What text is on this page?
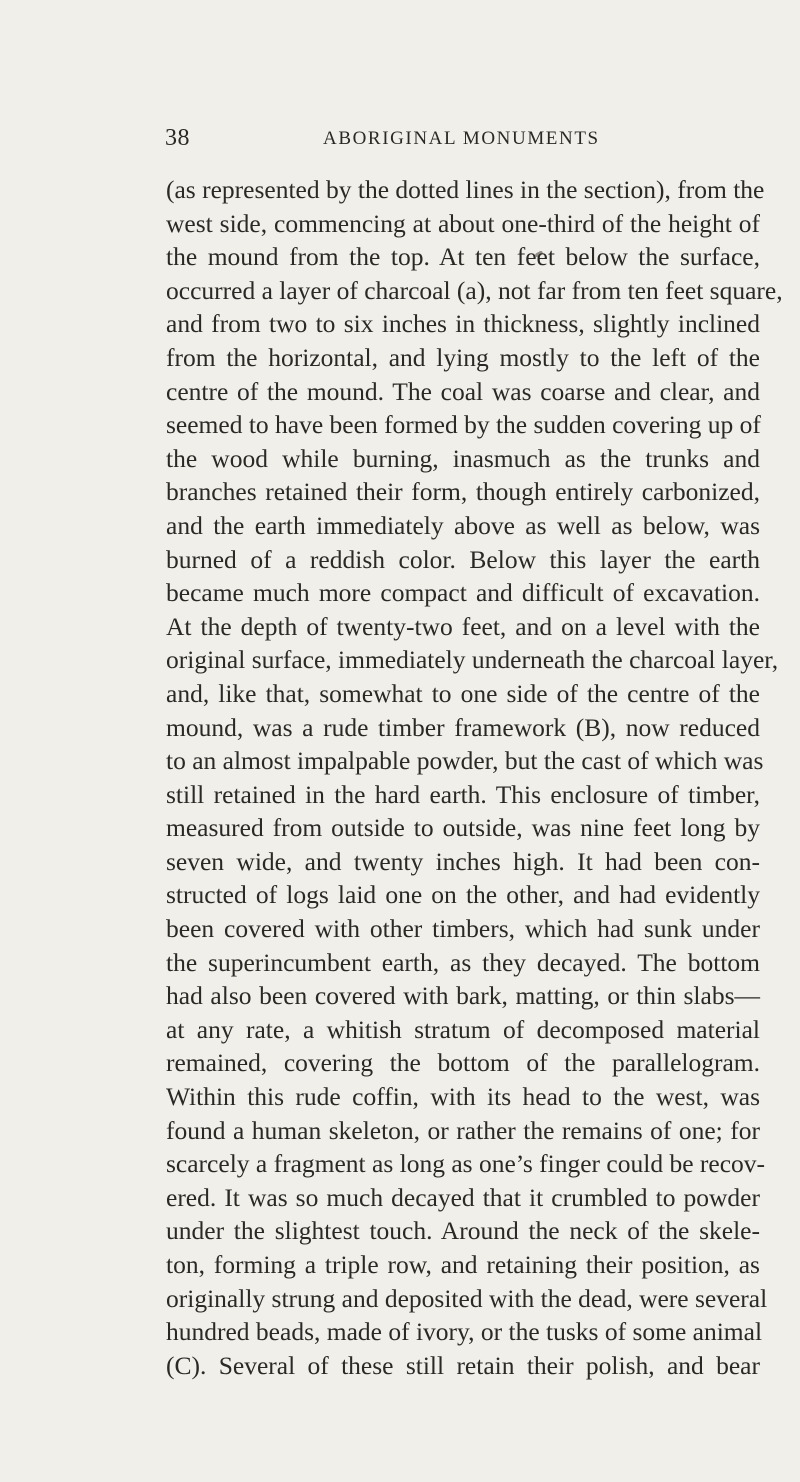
38	ABORIGINAL MONUMENTS
(as represented by the dotted lines in the section), from the
west side, commencing at about one-third of the height of
the mound from the top. At ten feet below the surface,
occurred a layer of charcoal (a), not far from ten feet square,
and from two to six inches in thickness, slightly inclined
from the horizontal, and lying mostly to the left of the
centre of the mound. The coal was coarse and clear, and
seemed to have been formed by the sudden covering up of
the wood while burning, inasmuch as the trunks and
branches retained their form, though entirely carbonized,
and the earth immediately above as well as below, was
burned of a reddish color. Below this layer the earth
became much more compact and difficult of excavation.
At the depth of twenty-two feet, and on a level with the
original surface, immediately underneath the charcoal layer,
and, like that, somewhat to one side of the centre of the
mound, was a rude timber framework (B), now reduced
to an almost impalpable powder, but the cast of which was
still retained in the hard earth. This enclosure of timber,
measured from outside to outside, was nine feet long by
seven wide, and twenty inches high. It had been con-
structed of logs laid one on the other, and had evidently
been covered with other timbers, which had sunk under
the superincumbent earth, as they decayed. The bottom
had also been covered with bark, matting, or thin slabs—
at any rate, a whitish stratum of decomposed material
remained, covering the bottom of the parallelogram.
Within this rude coffin, with its head to the west, was
found a human skeleton, or rather the remains of one; for
scarcely a fragment as long as one’s finger could be recov-
ered. It was so much decayed that it crumbled to powder
under the slightest touch. Around the neck of the skele-
ton, forming a triple row, and retaining their position, as
originally strung and deposited with the dead, were several
hundred beads, made of ivory, or the tusks of some animal
(C). Several of these still retain their polish, and bear
